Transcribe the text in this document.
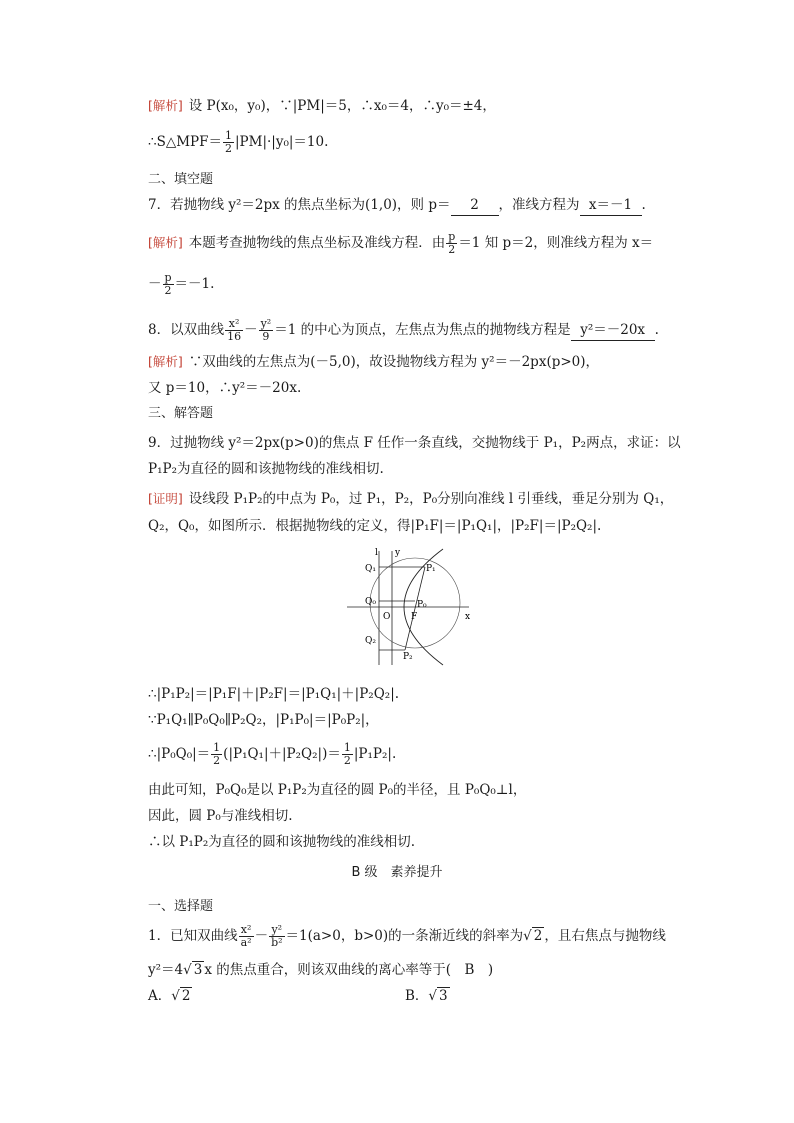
[解析] 设 P(x₀，y₀)，∵|PM|＝5，∴x₀＝4，∴y₀＝±4，
∴S△MPF＝ $\frac{1}{2} |PM|\cdot|y_0|=10$.
二、填空题
7．若抛物线 y²＝2px 的焦点坐标为(1,0)，则 p＝ 2 ，准线方程为 x＝－1 .
[解析] 本题考查抛物线的焦点坐标及准线方程．由 $\frac{p}{2} =1$ 知 p＝2，则准线方程为 x＝
－ $\frac{p}{2} =-1$.
8．以双曲线 $\frac{\text{x²}}{16} - \frac{\text{y²}}{9} =1$ 的中心为顶点，左焦点为焦点的抛物线方程是 y²＝－20x .
[解析] ∵双曲线的左焦点为(－5,0)，故设抛物线方程为 y²＝－2px(p>0)，
又 p＝10，∴y²＝－20x.
三、解答题
9．过抛物线 y²＝2px(p>0)的焦点 F 任作一条直线，交抛物线于 P₁，P₂两点，求证：以
P₁P₂为直径的圆和该抛物线的准线相切.
[证明] 设线段 P₁P₂的中点为 P₀，过 P₁，P₂，P₀分别向准线 l 引垂线，垂足分别为 Q₁，
Q₂，Q₀，如图所示．根据抛物线的定义，得|P₁F|＝|P₁Q₁|，|P₂F|＝|P₂Q₂|.
l y
x
O F
Q₁
Q₀
Q₂
P₁
P₀
P₂
∴|P₁P₂|＝|P₁F|＋|P₂F|＝|P₁Q₁|＋|P₂Q₂|.
∵P₁Q₁∥P₀Q₀∥P₂Q₂，|P₁P₀|＝|P₀P₂|，
∴|P₀Q₀|＝ $\frac{1}{2} (|P_1Q_1|+|P_2Q_2|)= \frac{1}{2} |P_1P_2|$.
由此可知，P₀Q₀是以 P₁P₂为直径的圆 P₀的半径，且 P₀Q₀⊥l，
因此，圆 P₀与准线相切.
∴以 P₁P₂为直径的圆和该抛物线的准线相切.
B 级　素养提升
一、选择题
1．已知双曲线 $\frac{\text{x²}}{\text{a²}} - \frac{\text{y²}}{\text{b²}} =1(a>0$，b>0)的一条渐近线的斜率为√ 2 ，且右焦点与抛物线
y²＝4√ 3 x 的焦点重合，则该双曲线的离心率等于(　B　)
A．√ 2	B．√ 3
